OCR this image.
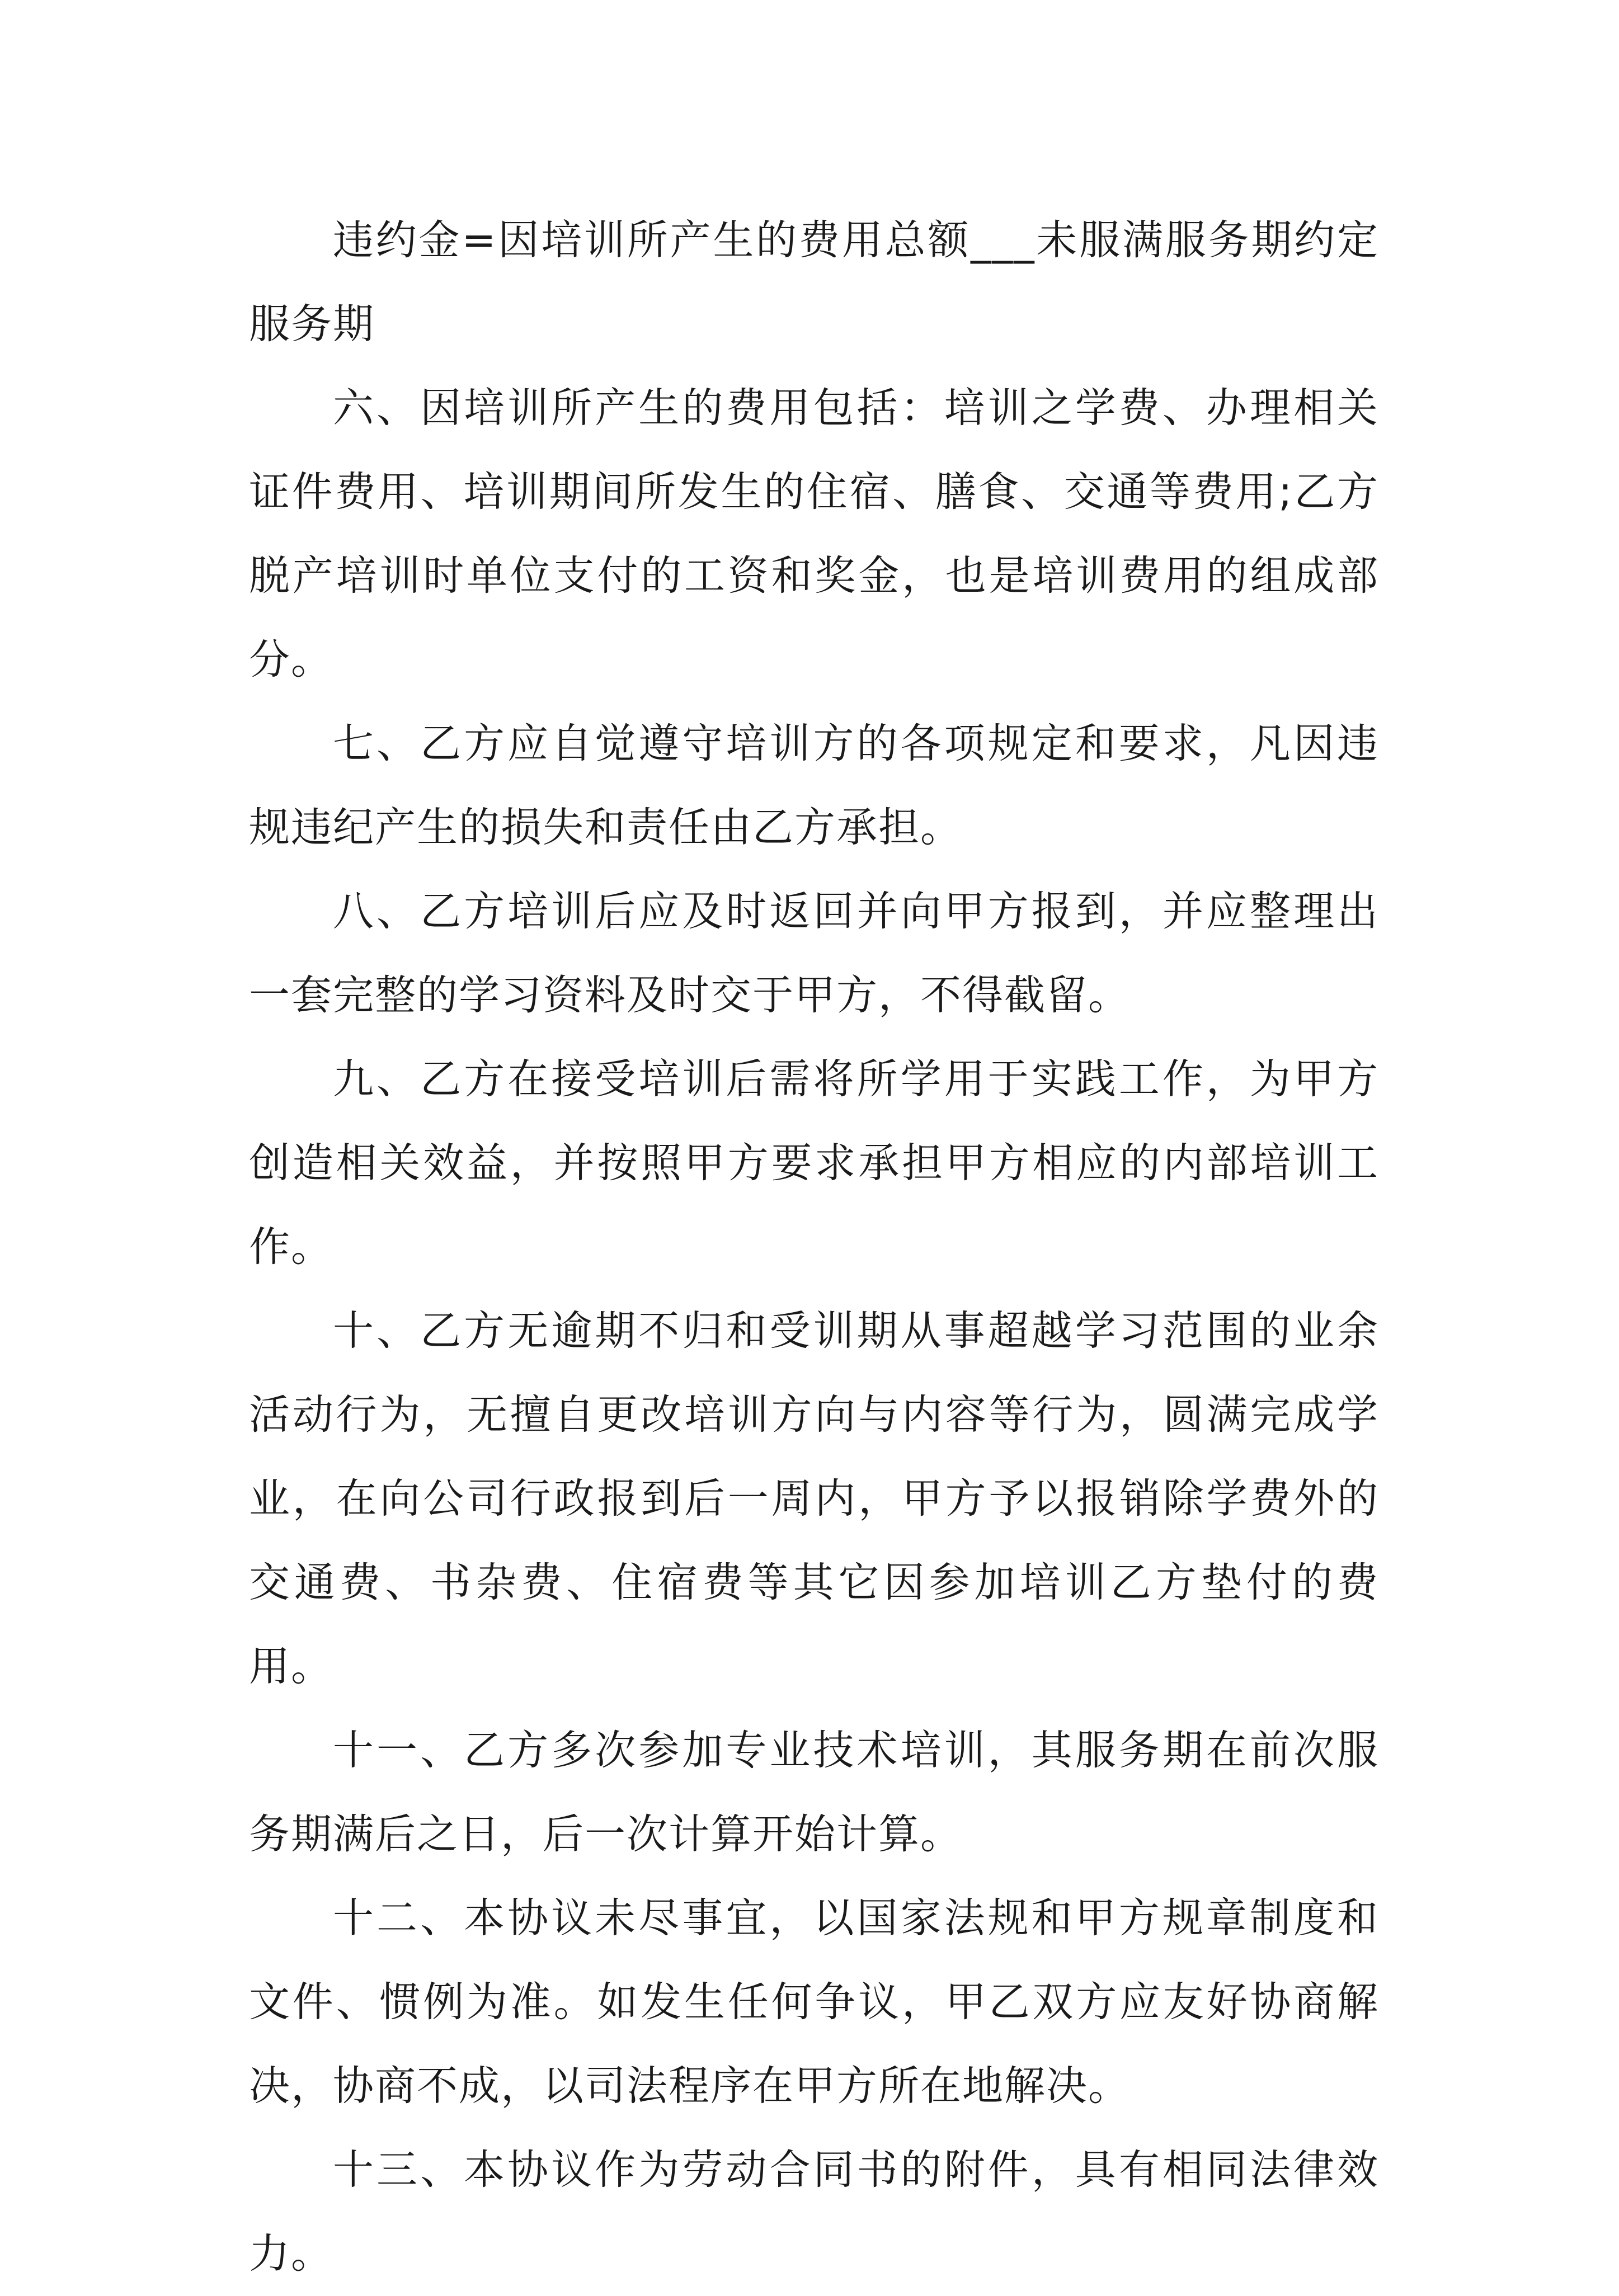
违约金=因培训所产生的费用总额___未服满服务期约定服务期

六、因培训所产生的费用包括：培训之学费、办理相关证件费用、培训期间所发生的住宿、膳食、交通等费用;乙方脱产培训时单位支付的工资和奖金，也是培训费用的组成部分。

七、乙方应自觉遵守培训方的各项规定和要求，凡因违规违纪产生的损失和责任由乙方承担。

八、乙方培训后应及时返回并向甲方报到，并应整理出一套完整的学习资料及时交于甲方，不得截留。

九、乙方在接受培训后需将所学用于实践工作，为甲方创造相关效益，并按照甲方要求承担甲方相应的内部培训工作。

十、乙方无逾期不归和受训期从事超越学习范围的业余活动行为，无擅自更改培训方向与内容等行为，圆满完成学业，在向公司行政报到后一周内，甲方予以报销除学费外的交通费、书杂费、住宿费等其它因参加培训乙方垫付的费用。

十一、乙方多次参加专业技术培训，其服务期在前次服务期满后之日，后一次计算开始计算。

十二、本协议未尽事宜，以国家法规和甲方规章制度和文件、惯例为准。如发生任何争议，甲乙双方应友好协商解决，协商不成，以司法程序在甲方所在地解决。

十三、本协议作为劳动合同书的附件，具有相同法律效力。
